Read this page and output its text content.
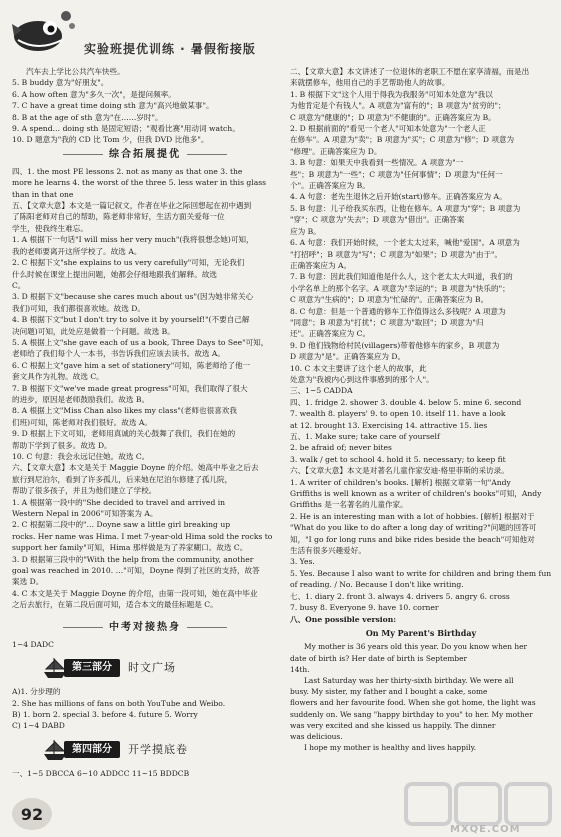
实验班提优训练 · 暑假衔接版
汽车去上学比公共汽车快些。
5. B buddy 意为"好朋友"。
6. A how often 意为"多久一次"，是提问频率。
7. C have a great time doing sth 意为"高兴地做某事"。
8. B at the age of sth 意为"在……岁时"。
9. A spend… doing sth 是固定短语；"观看比赛"用动词 watch。
10. D 题意为"我的 CD 比 Tom 少，但我 DVD 比他多"。
综合拓展提优
四、1. the most PE lessons 2. not as many as that one 3. the
more he learns 4. the worst of the three 5. less water in this glass
than in that one
五、【文章大意】本文是一篇记叙文，作者在毕业之际回想起在初中遇到
了陈阳老师对自己的帮助，陈老师非常好，生活方面关爱每一位
学生，使我终生难忘。
1. A 根据下一句话"I will miss her very much"(我将很想念她)可知，
我的老师要离开这所学校了。故选 A。
2. C 根据下文"she explains to us very carefully"可知，无论我们
什么时候在课堂上提出问题，她都会仔细地跟我们解释。故选
C。
3. D 根据下文"because she cares much about us"(因为她非常关心
我们)可知，我们都很喜欢她。故选 D。
4. B 根据下文"but I don't try to solve it by yourself!"(不要自己解
决问题)可知，此处应是做着一个问题。故选 B。
5. A 根据上文"she gave each of us a book, Three Days to See"可知，
老师给了我们每个人一本书，书告诉我们应该去读书。故选 A。
6. C 根据上文"gave him a set of stationery"可知，陈老师给了他一
套文具作为礼物。故选 C。
7. B 根据下文"we've made great progress"可知，我们取得了很大
的进步，原因是老师鼓励我们。故选 B。
8. A 根据上文"Miss Chan also likes my class"(老师也很喜欢我
们班)可知，陈老师对我们很好。故选 A。
9. D 根据上下文可知，老师用真诚的关心鼓舞了我们，我们在她的
帮助下学到了很多。故选 D。
10. C 句意：我会永远记住她。故选 C。
六、【文章大意】本文是关于 Maggie Doyne 的介绍。她高中毕业之后去
旅行到尼泊尔，看到了许多孤儿，后来她在尼泊尔修建了孤儿院，
帮助了很多孩子，并且为他们建立了学校。
1. A 根据第一段中的"She decided to travel and arrived in
Western Nepal in 2006"可知答案为 A。
2. C 根据第二段中的"… Doyne saw a little girl breaking up
rocks. Her name was Hima. I met 7-year-old Hima sold the rocks to
support her family"可知，Hima 那样做是为了养家糊口。故选 C。
3. D 根据第三段中的"With the help from the community, another
goal was reached in 2010. …"可知，Doyne 得到了社区的支持，故答
案选 D。
4. C 本文是关于 Maggie Doyne 的介绍，由第一段可知，她在高中毕业
之后去旅行，在第二段后面可知，适合本文的最佳标题是 C。
中考对接热身
1~4 DADC
第三部分	时文广场
A)1. 分步理的
2. She has millions of fans on both YouTube and Weibo.
B) 1. born 2. special 3. before 4. future 5. Worry
C) 1~4 DABD
第四部分	开学摸底卷
一、1~5 DBCCA 6~10 ADDCC 11~15 BDDCB
二、【文章大意】本文讲述了一位退休的老职工不愿在家享清福，而是出
来就摆修车，他用自己的手艺帮助他人的故事。
1. B 根据下文"这个人用于得我为我服务"可知本处意为"我以
为他肯定是个有钱人"。A 项意为"富有的"；B 项意为"贫穷的"；
C 项意为"健康的"；D 项意为"不健康的"。正确答案应为 B。
2. D 根据前面的"看见一个老人"可知本处意为"一个老人正
在修车"。A 项意为"卖"；B 项意为"买"；C 项意为"修"；D 项意为
"修理"。正确答案应为 D。
3. B 句意：如果天中我看到一些情况。A 项意为"一
些"；B 项意为"一些"；C 项意为"任何事情"；D 项意为"任何一
个"。正确答案应为 B。
4. A 句意：老先生退休之后开始(start)修车。正确答案应为 A。
5. B 句意：儿子给我买东西，让他在修车。A 项意为"穿"；B 项意为
"穿"；C 项意为"失去"；D 项意为"借出"。正确答案
应为 B。
6. A 句意：我们开始时候，一个老太太过来，喊他"爱国"。A 项意为
"打招呼"；B 项意为"写"；C 项意为"如果"；D 项意为"由于"。
正确答案应为 A。
7. B 句意：因此我们知道他是什么人，这个老太太大叫道，我们的
小学名单上的那个名字。A 项意为"幸运的"；B 项意为"快乐的"；
C 项意为"生病的"；D 项意为"忙碌的"。正确答案应为 B。
8. C 句意：但是一个普通的修车工作值得这么多钱呢？A 项意为
"同意"；B 项意为"打扰"；C 项意为"取回"；D 项意为"归
还"。正确答案应为 C。
9. D 他们钱物给村民(villagers)带着他修车的家乡，B 项意为
D 项意为"是"。正确答案应为 D。
10. C 本文主要讲了这个老人的故事，此
处意为"我被内心到这件事感到的那个人"。
三、1~5 CADDA
四、1. fridge 2. shower 3. double 4. below 5. mine 6. second
7. wealth 8. players' 9. to open 10. itself 11. have a look
at 12. brought 13. Exercising 14. attractive 15. lies
五、1. Make sure; take care of yourself
2. be afraid of; never bites
3. walk / get to school 4. hold it 5. necessary; to keep fit
六、【文章大意】本文是对著名儿童作家安迪·格里菲斯的采访录。
1. A writer of children's books. [解析] 根据文章第一句"Andy
Griffiths is well known as a writer of children's books"可知，Andy
Griffiths 是一名著名的儿童作家。
2. He is an interesting man with a lot of hobbies. [解析] 根据对于
"What do you like to do after a long day of writing?"问题的回答可
知，"I go for long runs and bike rides beside the beach"可知他对
生活有很多兴趣爱好。
3. Yes.
5. Yes. Because I also want to write for children and bring them fun
of reading. / No. Because I don't like writing.
七、1. diary 2. front 3. always 4. drivers 5. angry 6. cross
7. busy 8. Everyone 9. have 10. corner
八、One possible version:
On My Parent's Birthday
My mother is 36 years old this year. Do you know when her
date of birth is? Her date of birth is September
14th.
Last Saturday was her thirty-sixth birthday. We were all
busy. My sister, my father and I bought a cake, some
flowers and her favourite food. When she got home, the light was
suddenly on. We sang "happy birthday to you" to her. My mother
was very excited and she kissed us happily. The dinner
was delicious.
I hope my mother is healthy and lives happily.
92
MXQE.COM
